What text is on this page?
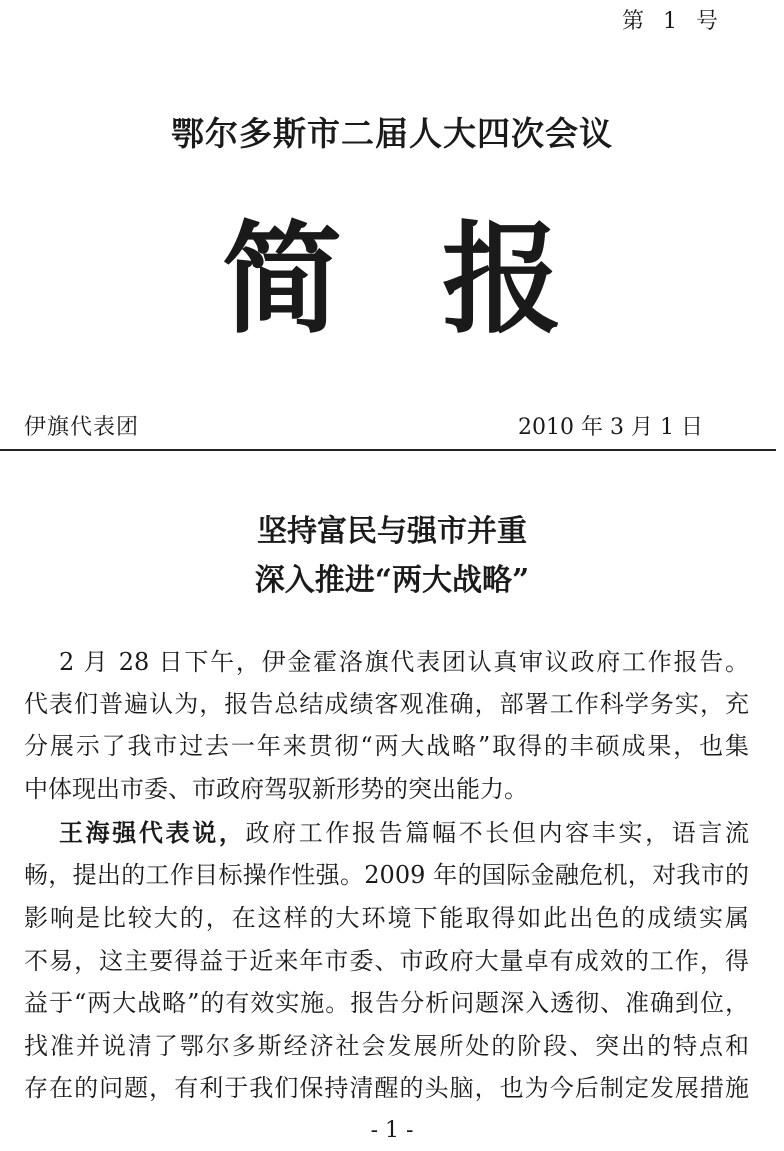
第 1 号
鄂尔多斯市二届人大四次会议
简报
伊旗代表团	2010 年 3 月 1 日
坚持富民与强市并重
深入推进“两大战略”
2 月 28 日下午，伊金霍洛旗代表团认真审议政府工作报告。
代表们普遍认为，报告总结成绩客观准确，部署工作科学务实，充
分展示了我市过去一年来贯彻“两大战略”取得的丰硕成果，也集
中体现出市委、市政府驾驭新形势的突出能力。
王海强代表说，政府工作报告篇幅不长但内容丰实，语言流
畅，提出的工作目标操作性强。2009 年的国际金融危机，对我市的
影响是比较大的，在这样的大环境下能取得如此出色的成绩实属
不易，这主要得益于近来年市委、市政府大量卓有成效的工作，得
益于“两大战略”的有效实施。报告分析问题深入透彻、准确到位，
找准并说清了鄂尔多斯经济社会发展所处的阶段、突出的特点和
存在的问题，有利于我们保持清醒的头脑，也为今后制定发展措施
- 1 -
